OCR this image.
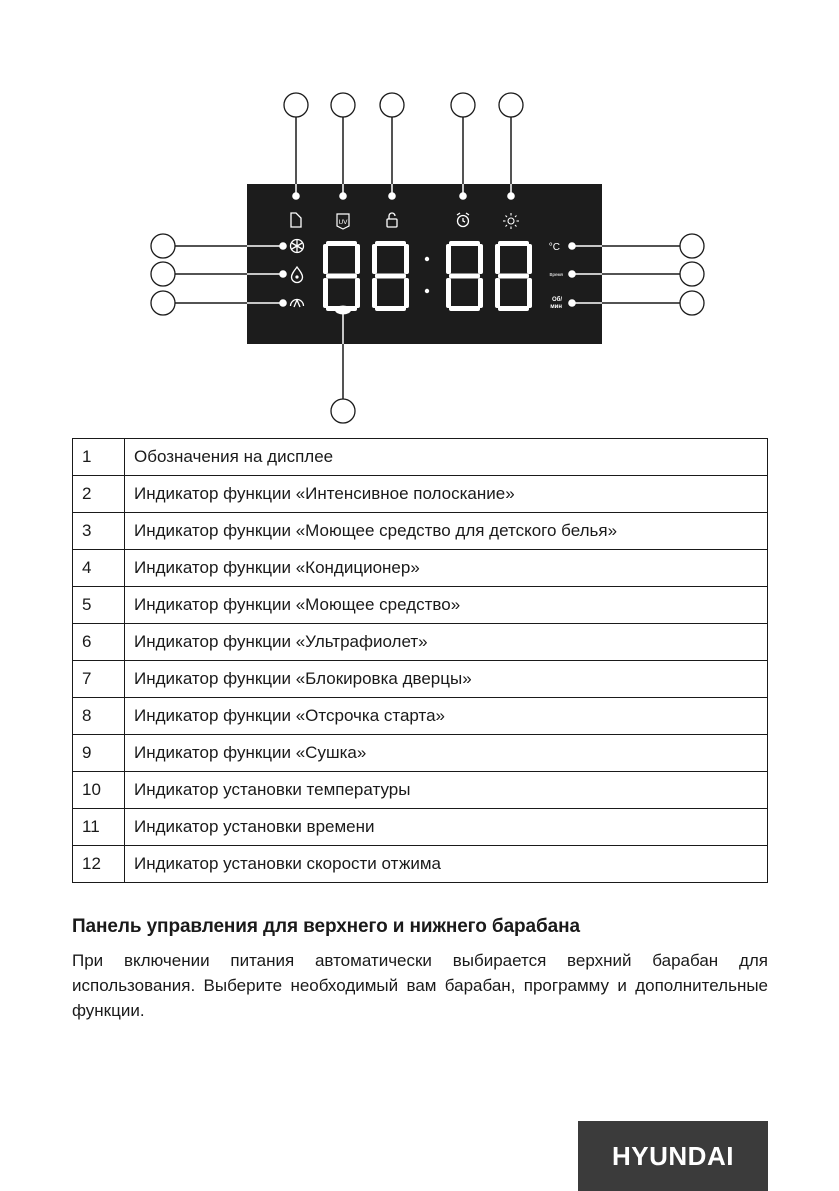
UV
°C
Время
Об/
мин
1	Обозначения на дисплее
2	Индикатор функции «Интенсивное полоскание»
3	Индикатор функции «Моющее средство для детского белья»
4	Индикатор функции «Кондиционер»
5	Индикатор функции «Моющее средство»
6	Индикатор функции «Ультрафиолет»
7	Индикатор функции «Блокировка дверцы»
8	Индикатор функции «Отсрочка старта»
9	Индикатор функции «Сушка»
10	Индикатор установки температуры
11	Индикатор установки времени
12	Индикатор установки скорости отжима
Панель управления для верхнего и нижнего барабана

При включении питания автоматически выбирается верхний барабан для использования. Выберите необходимый вам барабан, программу и дополнительные функции.

HYUNDAI
